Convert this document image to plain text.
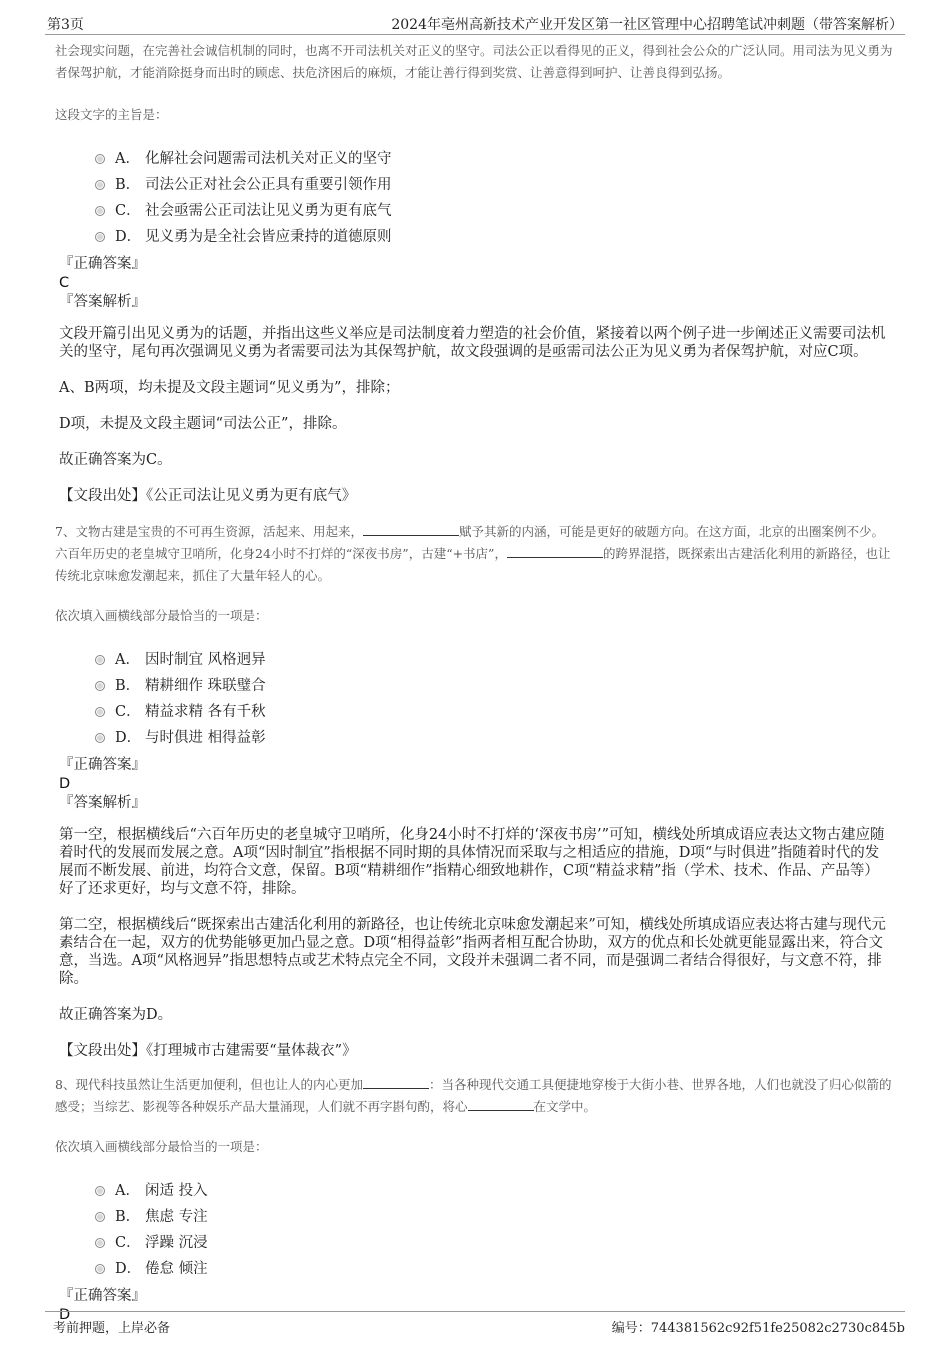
第3页	2024年亳州高新技术产业开发区第一社区管理中心招聘笔试冲刺题（带答案解析）

社会现实问题，在完善社会诚信机制的同时，也离不开司法机关对正义的坚守。司法公正以看得见的正义，得到社会公众的广泛认同。用司法为见义勇为者保驾护航，才能消除挺身而出时的顾虑、扶危济困后的麻烦，才能让善行得到奖赏、让善意得到呵护、让善良得到弘扬。

这段文字的主旨是：

A． 化解社会问题需司法机关对正义的坚守
B． 司法公正对社会公正具有重要引领作用
C． 社会亟需公正司法让见义勇为更有底气
D． 见义勇为是全社会皆应秉持的道德原则

『正确答案』

C

『答案解析』

文段开篇引出见义勇为的话题，并指出这些义举应是司法制度着力塑造的社会价值，紧接着以两个例子进一步阐述正义需要司法机关的坚守，尾句再次强调见义勇为者需要司法为其保驾护航，故文段强调的是亟需司法公正为见义勇为者保驾护航，对应C项。

A、B两项，均未提及文段主题词“见义勇为”，排除；

D项，未提及文段主题词“司法公正”，排除。

故正确答案为C。

【文段出处】《公正司法让见义勇为更有底气》

7、文物古建是宝贵的不可再生资源，活起来、用起来，	赋予其新的内涵，可能是更好的破题方向。在这方面，北京的出圈案例不少。六百年历史的老皇城守卫哨所，化身24小时不打烊的“深夜书房”，古建“+书店”，	的跨界混搭，既探索出古建活化利用的新路径，也让传统北京味愈发潮起来，抓住了大量年轻人的心。

依次填入画横线部分最恰当的一项是：

A． 因时制宜 风格迥异
B． 精耕细作 珠联璧合
C． 精益求精 各有千秋
D． 与时俱进 相得益彰

『正确答案』

D

『答案解析』

第一空，根据横线后“六百年历史的老皇城守卫哨所，化身24小时不打烊的‘深夜书房’”可知，横线处所填成语应表达文物古建应随着时代的发展而发展之意。A项“因时制宜”指根据不同时期的具体情况而采取与之相适应的措施，D项“与时俱进”指随着时代的发展而不断发展、前进，均符合文意，保留。B项“精耕细作”指精心细致地耕作，C项“精益求精”指（学术、技术、作品、产品等）好了还求更好，均与文意不符，排除。

第二空，根据横线后“既探索出古建活化利用的新路径，也让传统北京味愈发潮起来”可知，横线处所填成语应表达将古建与现代元素结合在一起，双方的优势能够更加凸显之意。D项“相得益彰”指两者相互配合协助，双方的优点和长处就更能显露出来，符合文意，当选。A项“风格迥异”指思想特点或艺术特点完全不同，文段并未强调二者不同，而是强调二者结合得很好，与文意不符，排除。

故正确答案为D。

【文段出处】《打理城市古建需要“量体裁衣”》

8、现代科技虽然让生活更加便利，但也让人的内心更加	：当各种现代交通工具便捷地穿梭于大街小巷、世界各地，人们也就没了归心似箭的感受；当综艺、影视等各种娱乐产品大量涌现，人们就不再字斟句酌，将心	在文学中。

依次填入画横线部分最恰当的一项是：

A． 闲适 投入
B． 焦虑 专注
C． 浮躁 沉浸
D． 倦怠 倾注

『正确答案』

D

考前押题，上岸必备	编号：744381562c92f51fe25082c2730c845b
